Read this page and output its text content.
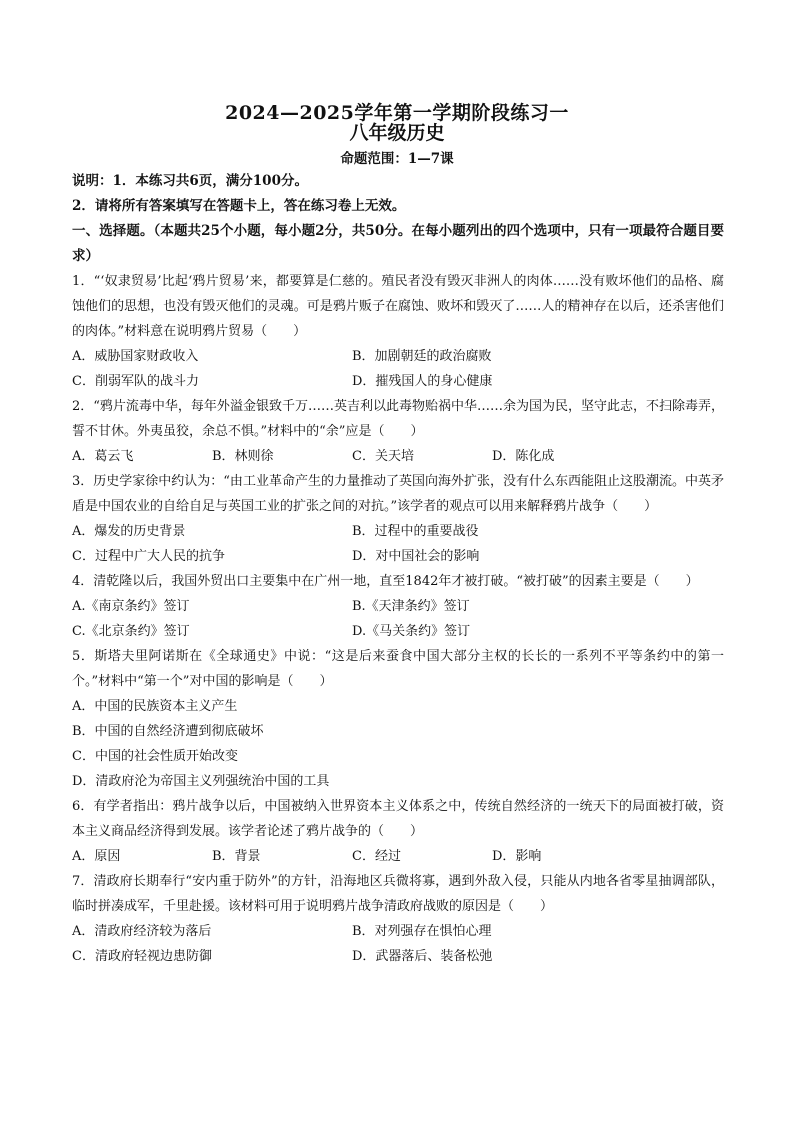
2024—2025学年第一学期阶段练习一
八年级历史
命题范围：1—7课

说明：1．本练习共6页，满分100分。

2．请将所有答案填写在答题卡上，答在练习卷上无效。

一、选择题。（本题共25个小题，每小题2分，共50分。在每小题列出的四个选项中，只有一项最符合题目要求）

1．“‘奴隶贸易’比起‘鸦片贸易’来，都要算是仁慈的。殖民者没有毁灭非洲人的肉体……没有败坏他们的品格、腐蚀他们的思想，也没有毁灭他们的灵魂。可是鸦片贩子在腐蚀、败坏和毁灭了……人的精神存在以后，还杀害他们的肉体。”材料意在说明鸦片贸易（　　）

A．威胁国家财政收入	B．加剧朝廷的政治腐败
C．削弱军队的战斗力	D．摧残国人的身心健康

2．“鸦片流毒中华，每年外溢金银致千万……英吉利以此毒物贻祸中华……余为国为民，坚守此志，不扫除毒弄，誓不甘休。外夷虽狡，余总不惧。”材料中的“余”应是（　　）

A．葛云飞	B．林则徐	C．关天培	D．陈化成

3．历史学家徐中约认为：“由工业革命产生的力量推动了英国向海外扩张，没有什么东西能阻止这股潮流。中英矛盾是中国农业的自给自足与英国工业的扩张之间的对抗。”该学者的观点可以用来解释鸦片战争（　　）

A．爆发的历史背景	B．过程中的重要战役
C．过程中广大人民的抗争	D．对中国社会的影响

4．清乾隆以后，我国外贸出口主要集中在广州一地，直至1842年才被打破。“被打破”的因素主要是（　　）

A.《南京条约》签订	B.《天津条约》签订
C.《北京条约》签订	D.《马关条约》签订

5．斯塔夫里阿诺斯在《全球通史》中说：“这是后来蚕食中国大部分主权的长长的一系列不平等条约中的第一个。”材料中“第一个”对中国的影响是（　　）

A．中国的民族资本主义产生
B．中国的自然经济遭到彻底破坏
C．中国的社会性质开始改变
D．清政府沦为帝国主义列强统治中国的工具

6．有学者指出：鸦片战争以后，中国被纳入世界资本主义体系之中，传统自然经济的一统天下的局面被打破，资本主义商品经济得到发展。该学者论述了鸦片战争的（　　）

A．原因	B．背景	C．经过	D．影响

7．清政府长期奉行“安内重于防外”的方针，沿海地区兵微将寡，遇到外敌入侵，只能从内地各省零星抽调部队，临时拼凑成军，千里赴援。该材料可用于说明鸦片战争清政府战败的原因是（　　）

A．清政府经济较为落后	B．对列强存在惧怕心理
C．清政府轻视边患防御	D．武器落后、装备松弛
